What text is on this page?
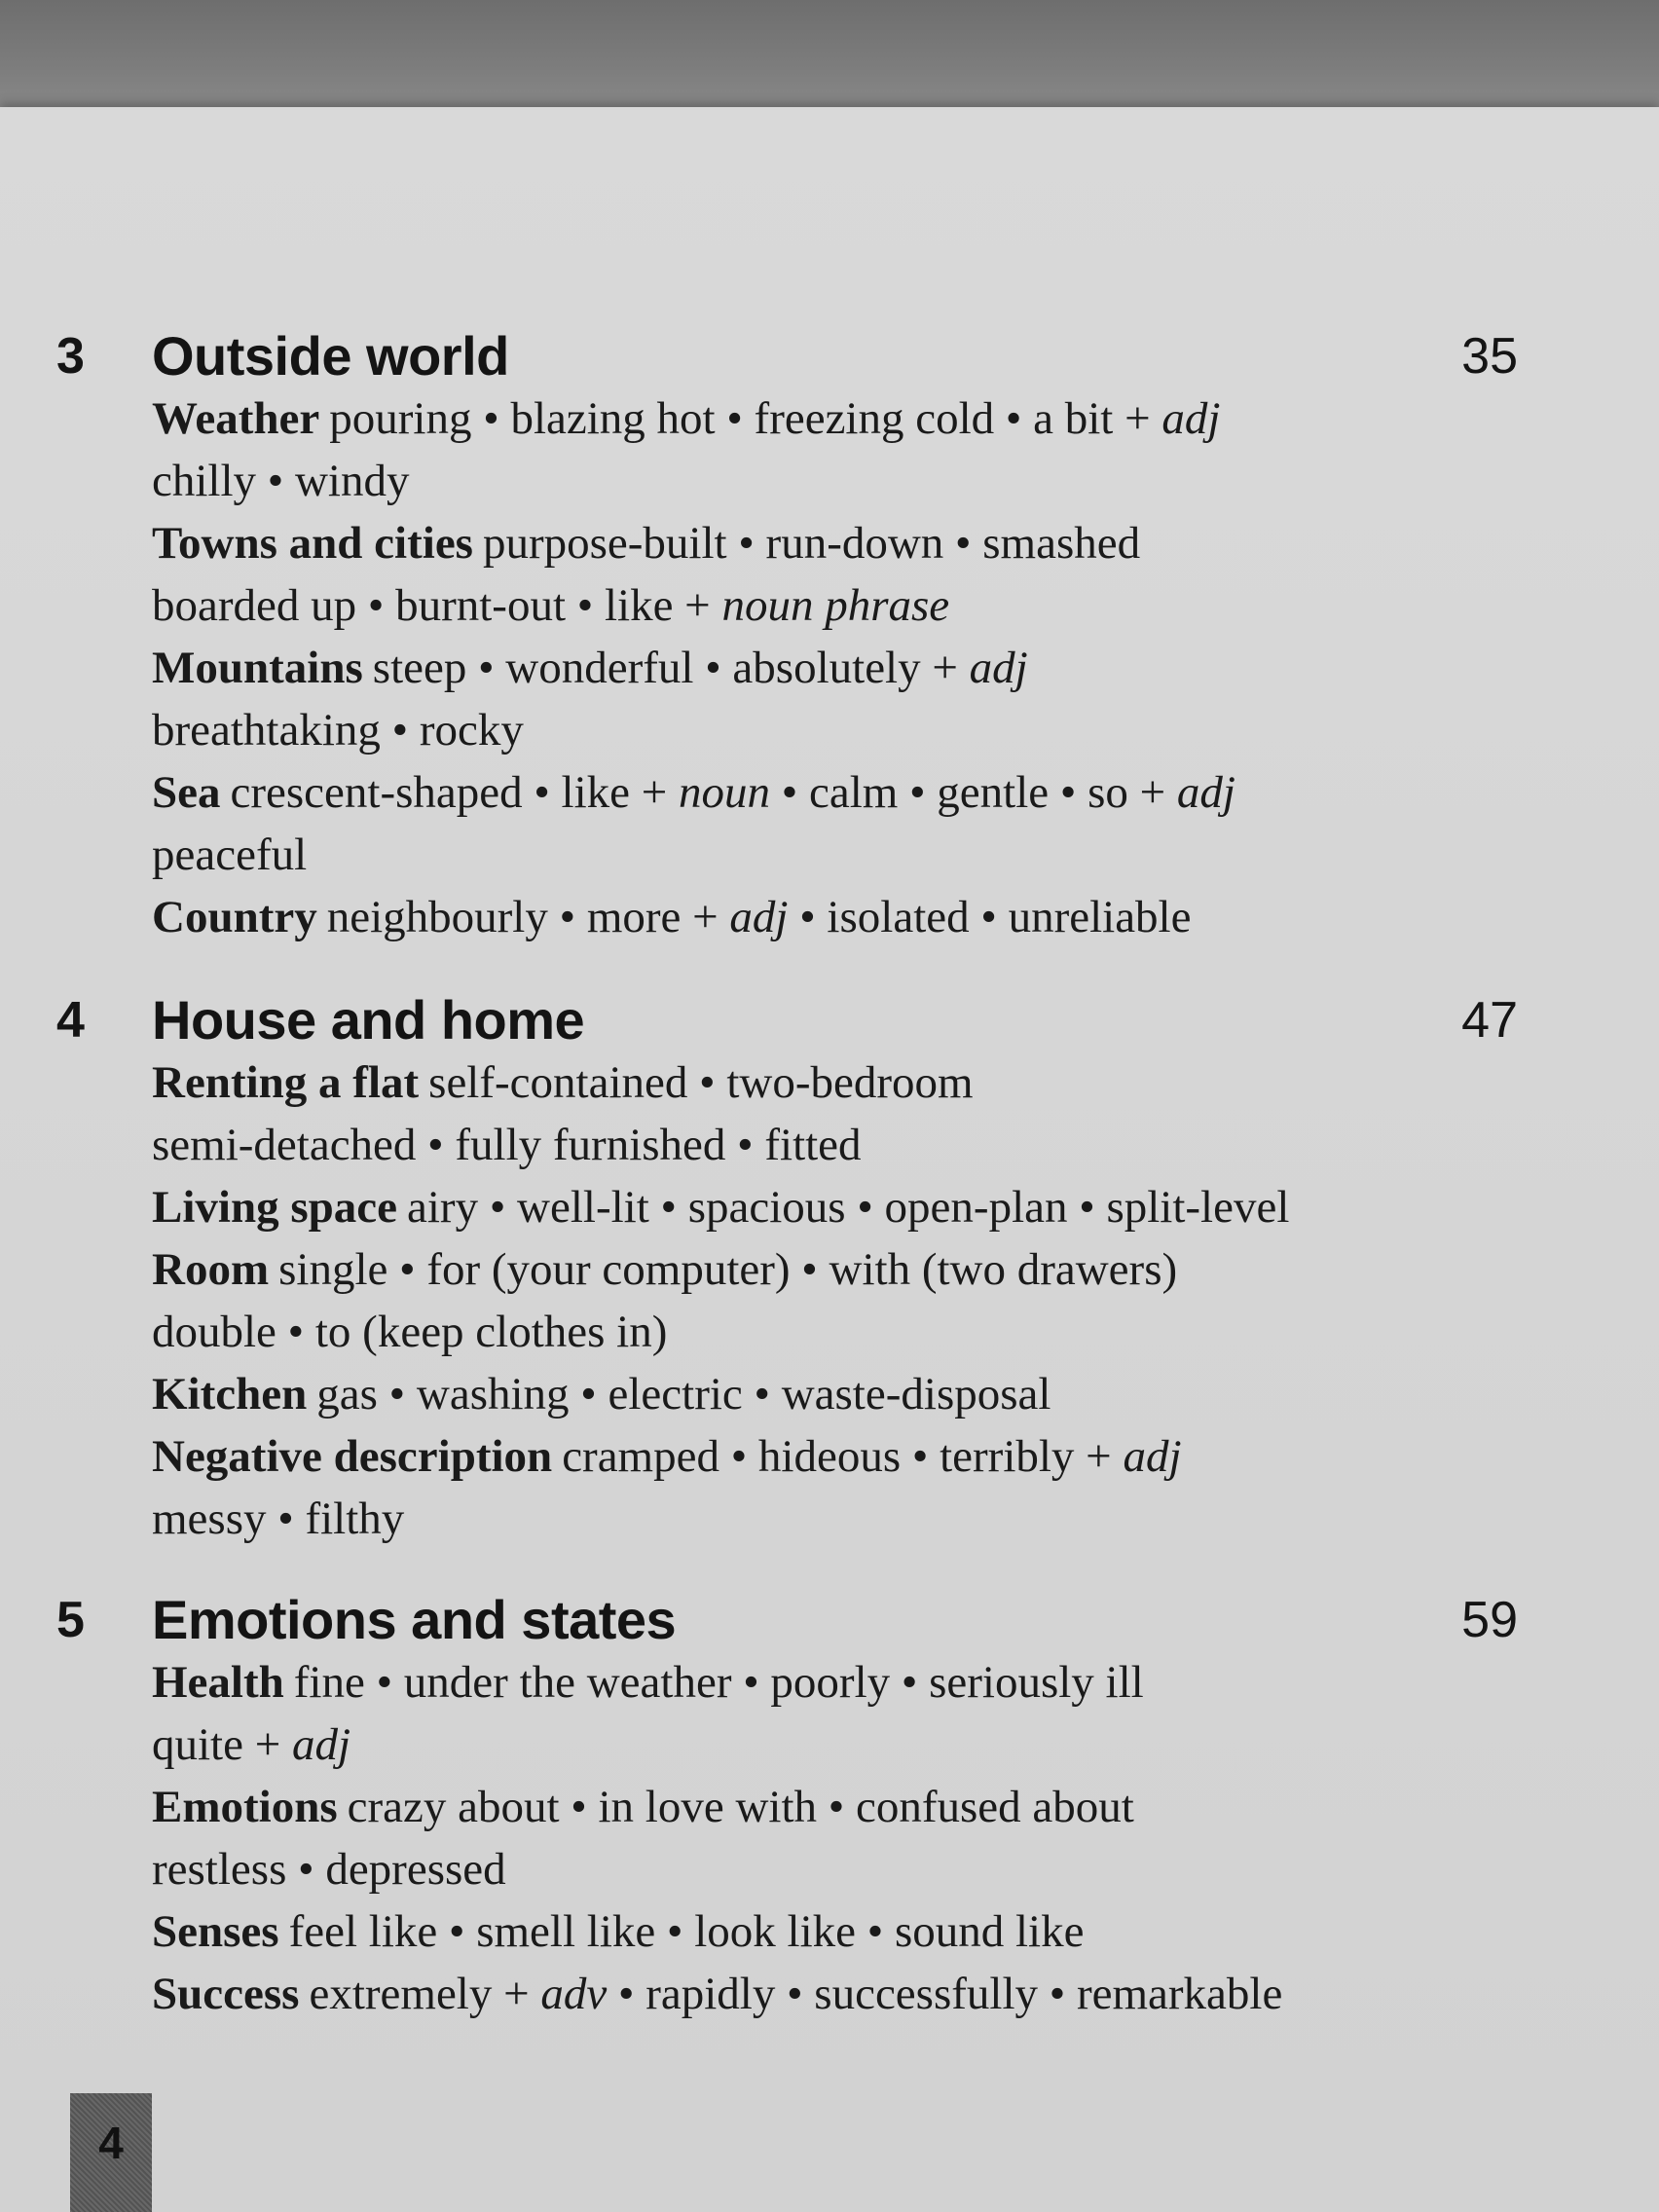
3 Outside world	35
Weather pouring • blazing hot • freezing cold • a bit + adj
chilly • windy
Towns and cities purpose-built • run-down • smashed
boarded up • burnt-out • like + noun phrase
Mountains steep • wonderful • absolutely + adj
breathtaking • rocky
Sea crescent-shaped • like + noun • calm • gentle • so + adj
peaceful
Country neighbourly • more + adj • isolated • unreliable
4 House and home	47
Renting a flat self-contained • two-bedroom
semi-detached • fully furnished • fitted
Living space airy • well-lit • spacious • open-plan • split-level
Room single • for (your computer) • with (two drawers)
double • to (keep clothes in)
Kitchen gas • washing • electric • waste-disposal
Negative description cramped • hideous • terribly + adj
messy • filthy
5 Emotions and states	59
Health fine • under the weather • poorly • seriously ill
quite + adj
Emotions crazy about • in love with • confused about
restless • depressed
Senses feel like • smell like • look like • sound like
Success extremely + adv • rapidly • successfully • remarkable
4
